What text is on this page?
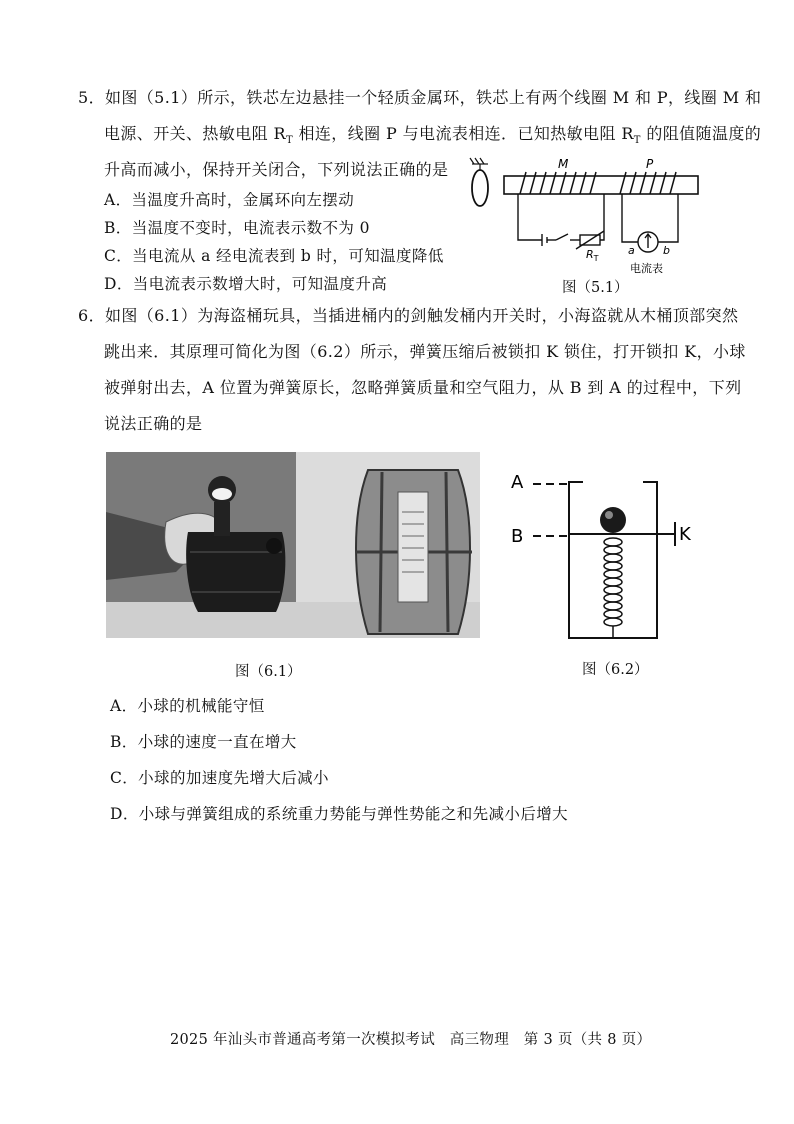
5．如图（5.1）所示，铁芯左边悬挂一个轻质金属环，铁芯上有两个线圈 M 和 P，线圈 M 和
电源、开关、热敏电阻 $R_T$ 相连，线圈 P 与电流表相连．已知热敏电阻 $R_T$ 的阻值随温度的
升高而减小，保持开关闭合，下列说法正确的是
A．当温度升高时，金属环向左摆动
B．当温度不变时，电流表示数不为 0
C．当电流从 a 经电流表到 b 时，可知温度降低
D．当电流表示数增大时，可知温度升高
M	P
$R_T$
a	b
电流表
图（5.1）
6．如图（6.1）为海盗桶玩具，当插进桶内的剑触发桶内开关时，小海盗就从木桶顶部突然
跳出来．其原理可简化为图（6.2）所示，弹簧压缩后被锁扣 K 锁住，打开锁扣 K，小球
被弹射出去，A 位置为弹簧原长，忽略弹簧质量和空气阻力，从 B 到 A 的过程中，下列
说法正确的是
图（6.1）
A
B	K
图（6.2）
A．小球的机械能守恒
B．小球的速度一直在增大
C．小球的加速度先增大后减小
D．小球与弹簧组成的系统重力势能与弹性势能之和先减小后增大
2025 年汕头市普通高考第一次模拟考试　高三物理　第 3 页（共 8 页）
